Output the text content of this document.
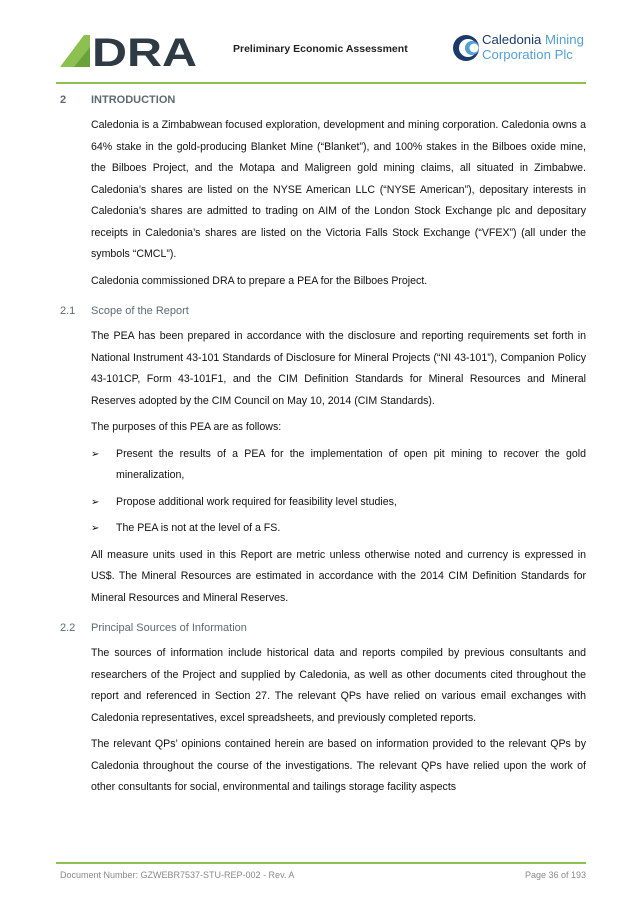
DRA	Preliminary Economic Assessment
Caledonia Mining
Corporation Plc
2	INTRODUCTION

Caledonia is a Zimbabwean focused exploration, development and mining corporation. Caledonia owns a 64% stake in the gold-producing Blanket Mine (“Blanket”), and 100% stakes in the Bilboes oxide mine, the Bilboes Project, and the Motapa and Maligreen gold mining claims, all situated in Zimbabwe. Caledonia’s shares are listed on the NYSE American LLC (“NYSE American”), depositary interests in Caledonia’s shares are admitted to trading on AIM of the London Stock Exchange plc and depositary receipts in Caledonia’s shares are listed on the Victoria Falls Stock Exchange (“VFEX”) (all under the symbols “CMCL”).

Caledonia commissioned DRA to prepare a PEA for the Bilboes Project.

2.1	Scope of the Report

The PEA has been prepared in accordance with the disclosure and reporting requirements set forth in National Instrument 43-101 Standards of Disclosure for Mineral Projects (“NI 43-101”), Companion Policy 43-101CP, Form 43-101F1, and the CIM Definition Standards for Mineral Resources and Mineral Reserves adopted by the CIM Council on May 10, 2014 (CIM Standards).

The purposes of this PEA are as follows:

➢	Present the results of a PEA for the implementation of open pit mining to recover the gold mineralization,
➢	Propose additional work required for feasibility level studies,
➢	The PEA is not at the level of a FS.

All measure units used in this Report are metric unless otherwise noted and currency is expressed in US$. The Mineral Resources are estimated in accordance with the 2014 CIM Definition Standards for Mineral Resources and Mineral Reserves.

2.2	Principal Sources of Information

The sources of information include historical data and reports compiled by previous consultants and researchers of the Project and supplied by Caledonia, as well as other documents cited throughout the report and referenced in Section 27. The relevant QPs have relied on various email exchanges with Caledonia representatives, excel spreadsheets, and previously completed reports.

The relevant QPs’ opinions contained herein are based on information provided to the relevant QPs by Caledonia throughout the course of the investigations. The relevant QPs have relied upon the work of other consultants for social, environmental and tailings storage facility aspects

Document Number: GZWEBR7537-STU-REP-002 - Rev. A	Page 36 of 193
